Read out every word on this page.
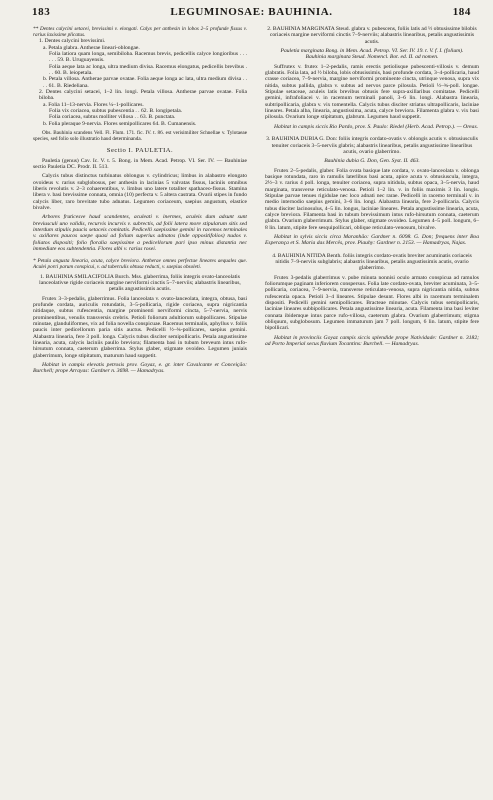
183	LEGUMINOSAE: BAUHINIA.	184

** Dentes calycini setacei, brevissimi v. elongati. Calyx per anthesin in lobos 2–5 profunde fissus v. rarius laxissime plicatus.

1. Dentes calycini brevissimi.

a. Petala glabra. Antherae lineari-oblongae.

Folia latiora quam longa, semibiloba. Racemus brevis, pedicellis calyce longioribus . . . . . . 59. B. Uruguayensis.

Folia aeque lata ac longa, ultra medium divisa. Racemus elongatus, pedicellis brevibus . . . 60. B. leiopetala.

b. Petala villosa. Antherae parvae ovatae. Folia aeque longa ac lata, ultra medium divisa . . . . 61. B. Riedeliana.

2. Dentes calycini setacei, 1–2 lin. longi. Petala villosa. Antherae parvae ovatae. Folia biloba.

a. Folia 11–13-nervia. Flores ¼–1-pollicares.

Folia vix coriacea, subtus pubescentia . . 62. B. longipetala.

Folia coriacea, subtus molliter villosa . . 63. B. punctata.

b. Folia pleraque 9-nervia. Flores semipollicares 64. B. Cumanensis.

Obs. Bauhinia scandens Vell. Fl. Flum. 171. fic. IV. t. 86. est verisimiliter Schnellae v. Tylotaeae species, sed folio solo illustratio haud determinanda.

Sectio I. PAULETIA.

Pauletia (genus) Cav. Ic. V. t. 5. Bong. in Mem. Acad. Petrop. VI. Ser. IV. — Bauhiniae sectio Pauletia DC. Prodr. II. 513.

Calycis tubus distinctus turbinatus oblongus v. cylindricus; limbus in alabastro elongato ovoideus v. rarius subglobosus, per anthesin in lacinias 5 valvatas fissus, laciniis omnibus liberis revolutis v. 2–3 cohaerentibus, v. limbus uno latere totaliter spathaceo-fissus. Stamina libera v. basi brevissime connata, omnia (10) perfecta v. 5 altera castrata. Ovarii stipes in fundo calycis liber, raro brevitate tubo adnatus. Legumen coriaceum, saepius angustum, elastice bivalve.

Arbores fruticesve haud scandentes, aculeati v. inermes, aculeis dum adsunt sunt breviusculi uno validis, recurvis incurvis v. subrectis, ad folii latera more stipularum sitis sed interdum stipulis paucis setaceis comitatis. Pedicelli saepissime gemini in racemos terminales v. axillares paucos saepe quasi ad folium superius adnatos (inde oppositifolios) nudos v. foliatos dispositi; folio floralia saepissime a pedicellorum pari ipso minus distantia nec immediate eos subtendentia. Flores albi v. rarius rosei.

* Petala angusta linearia, acuta, calyce breviora. Antherae omnes perfectae lineares aequales que. Aculei porci parum conspicui, v. ad tuberculis obtusa reducti, v. saepius obsoleti.

1. BAUHINIA SMILACIFOLIA Burch. Mss. glaberrima, foliis integris ovato-lanceolatis lanceolativse rigide coriaceis margine nerviformi cinctis 5–7-nerviis; alabastris linearibus, petalis angustissimis acutis.

Frutex 3–3-pedalis, glaberrimus. Folia lanceolata v. ovato-lanceolata, integra, obtusa, basi profunde cordata, auriculis rotundatis, 3–5-pollicaria, rigide coriacea, supra nigricantia nitidaque, subtus rufescentia, margine prominenti nerviformi cincta, 5–7-nervia, nervis prominentibus, venulis transversis crebris. Petioli foliorum adultiorum subpollicares. Stipulae minutae, glanduliformes, vix ad folia novella conspicuae. Racemus terminalis, aphyllus v. foliis paucis inter pedicellorum paria sitis auctus. Pedicelli ½–¾-pollicares, saepius gemini. Alabastra linearia, fere 3 poll. longa. Calycis tubus disciter semipollicaris. Petala angustissime linearia, acuta, calycis laciniis paullo breviora; filamenta basi in tubum breveum intus rufo-hirsutum connata, caeterum glaberrima. Stylus glaber, stigmate ovoideo. Legumen juniais glaberrimum, longe stipitatum, maturum haud suppetit.

Habitat in campis elevatis petrosis prov. Goyaz, e. gr. inter Cavalcante et Conceição: Burchell; prope Arrayas: Gardner n. 3698. — Hamadryas.

2. BAUHINIA MARGINATA Steud. glabra v. pubescens, foliis latis ad ½ obtusissime bilobis coriaceis margine nerviformi cinctis 7–9-nerviis; alabastris linearibus, petalis angustissimis acutis.

Pauletia marginata Bong. in Mem. Acad. Petrop. VI. Ser. IV. 19. t. V. f. I. (folium).

Bauhinia marginata Steud. Nomencl. Bot. ed. II. ad nomen.

Suffrutex v. frutex 1–2-pedalis, ramis erectis petiolisque pubescenti-villosis v. demum glabratis. Folia lata, ad ½ biloba, lobis obtusissimis, basi profunde cordata, 3–4-pollicaria, haud crasse coriacea, 7–9-nervia, margine nerviformi prominente cincta, utrinque venosa, supra vix nitida, subtus pallida, glabra v. subtus ad nervos parce pilosula. Petioli ½–¾-poll. longae. Stipulae setaceae, aculeis latis brevibus obtusis fere supra-axillaribus comitatae. Pedicelli gemini, infrafoliacei v. in racemum terminali panoli, 3–6 lin. longi. Alabastra linearia, subtripollicaria, glabra v. vix tomentella. Calycis tubus disciter striatus ultrapollicaris, laciniae lineares. Petala alba, linearia, angustissima, acuta, calyce breviora. Filamenta glabra v. vix basi pilosula. Ovarium longe stipitatum, glabrum. Legumen haud suppetit.

Habitat in campis siccis Rio Pardo, prov. S. Paulo: Riedel (Herb. Acad. Petrop.). — Oreas.

3. BAUHINIA DUBIA G. Don: foliis integris cordato-ovatis v. oblongis acutis v. obtusiusculis tenuiter coriaceis 3–5-nerviis glabris; alabastris linearibus, petalis angustissime linearibus acutis, ovario glaberrimo.

Bauhinia dubia G. Don, Gen. Syst. II. 463.

Frutex 2–5-pedalis, glaber. Folia ovata basique late cordata, v. ovato-lanceolata v. oblonga basique rotundata, raro in ramulis laterlibus basi acuta, apice acuta v. obtusiuscula, integra, 2½–3 v. rarius 4 poll. longa, tenuiter coriacea, supra nitidula, subtus opaca, 3–5-nervia, haud marginata, transverse reticulato-venosa. Petioli 1–2 lin. v. in foliis maximis 3 lin. longis. Stipulae parvae tenues rigidulae nec loco adnati nec rarae. Pedicelli in racemo terminali v. in medio internodio saepius gemini, 3–6 lin. longi. Alabastra linearia, fere 2-pollicaria. Calycis tubus disciter lacinosulus, 4–5 lin. longus, laciniae lineares. Petala angustissime linearia, acuta, calyce breviora. Filamenta basi in tubum brevissimum intus rufo-hirsutum connata, caeterum glabra. Ovarium glaberrimum. Stylus glaber, stigmate ovoideo. Legumen 4–5 poll. longum, 6–8 lin. latum, stipite fere sesquipollicari, oblique reticulato-venosum, bivalve.

Habitat in sylvis siccis circa Maranhão: Gardner n. 6098. G. Don; frequens inter Boa Esperança et S. Maria das Mercês, prov. Piauhy: Gardner n. 2153. — Hamadryas, Najas.

4. BAUHINIA NITIDA Benth. foliis integris cordato-ovatis breviter acuminatis coriaceis nitidis 7–9-nerviis subglabris; alabastris linearibus, petalis angustissimis acutis, ovario glaberrimo.

Frutex 3-pedalis glaberrimus v. pube minuta nonnisi oculo armato conspicua ad ramulos foliorumque paginam inferiorem conspersus. Folia late cordato-ovata, breviter acuminata, 3–5-pollicaria, coriacea, 7–9-nervia, transverse reticulato-venosa, supra nigricantia nitida, subtus rufescentia opaca. Petioli 3–4 lineares. Stipulae desunt. Flores albi in racemum terminalem dispositi. Pedicelli gemini semipollicares. Bracteae minutae. Calycis tubus semipollicaris, laciniae lineares subbipollicares. Petala angustissime linearia, acuta. Filamenta ima basi leviter connata ibidemque intus parce rufo-villosa, caeterum glabra. Ovarium glaberrimum; stigma obliquum, subglobosum. Legumen immaturum jam 7 poll. longum, 6 lin. latum, stipite fere bipollicari.

Habitat in provinciis Goyaz campis siccis splendide prope Natividade: Gardner n. 3182; ad Porto Imperial secus fluvium Tocantins: Burchell. — Hamadryas.
